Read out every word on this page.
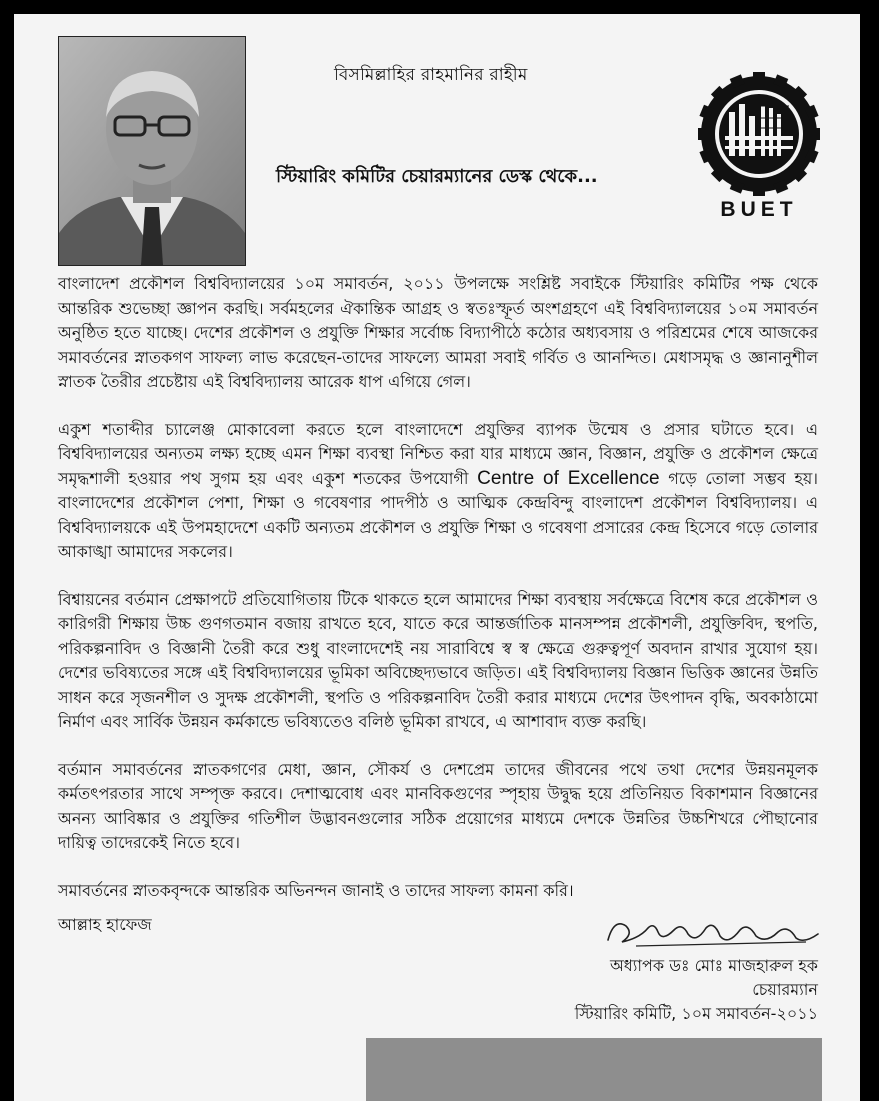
বিসমিল্লাহির রাহমানির রাহীম
স্টিয়ারিং কমিটির চেয়ারম্যানের ডেস্ক থেকে...
BUET

বাংলাদেশ প্রকৌশল বিশ্ববিদ্যালয়ের ১০ম সমাবর্তন, ২০১১ উপলক্ষে সংশ্লিষ্ট সবাইকে স্টিয়ারিং কমিটির পক্ষ থেকে আন্তরিক শুভেচ্ছা জ্ঞাপন করছি। সর্বমহলের ঐকান্তিক আগ্রহ ও স্বতঃস্ফূর্ত অংশগ্রহণে এই বিশ্ববিদ্যালয়ের ১০ম সমাবর্তন অনুষ্ঠিত হতে যাচ্ছে। দেশের প্রকৌশল ও প্রযুক্তি শিক্ষার সর্বোচ্চ বিদ্যাপীঠে কঠোর অধ্যবসায় ও পরিশ্রমের শেষে আজকের সমাবর্তনের স্নাতকগণ সাফল্য লাভ করেছেন-তাদের সাফল্যে আমরা সবাই গর্বিত ও আনন্দিত। মেধাসমৃদ্ধ ও জ্ঞানানুশীল স্নাতক তৈরীর প্রচেষ্টায় এই বিশ্ববিদ্যালয় আরেক ধাপ এগিয়ে গেল।

একুশ শতাব্দীর চ্যালেঞ্জ মোকাবেলা করতে হলে বাংলাদেশে প্রযুক্তির ব্যাপক উন্মেষ ও প্রসার ঘটাতে হবে। এ বিশ্ববিদ্যালয়ের অন্যতম লক্ষ্য হচ্ছে এমন শিক্ষা ব্যবস্থা নিশ্চিত করা যার মাধ্যমে জ্ঞান, বিজ্ঞান, প্রযুক্তি ও প্রকৌশল ক্ষেত্রে সমৃদ্ধশালী হওয়ার পথ সুগম হয় এবং একুশ শতকের উপযোগী Centre of Excellence গড়ে তোলা সম্ভব হয়। বাংলাদেশের প্রকৌশল পেশা, শিক্ষা ও গবেষণার পাদপীঠ ও আত্মিক কেন্দ্রবিন্দু বাংলাদেশ প্রকৌশল বিশ্ববিদ্যালয়। এ বিশ্ববিদ্যালয়কে এই উপমহাদেশে একটি অন্যতম প্রকৌশল ও প্রযুক্তি শিক্ষা ও গবেষণা প্রসারের কেন্দ্র হিসেবে গড়ে তোলার আকাঙ্খা আমাদের সকলের।

বিশ্বায়নের বর্তমান প্রেক্ষাপটে প্রতিযোগিতায় টিকে থাকতে হলে আমাদের শিক্ষা ব্যবস্থায় সর্বক্ষেত্রে বিশেষ করে প্রকৌশল ও কারিগরী শিক্ষায় উচ্চ গুণগতমান বজায় রাখতে হবে, যাতে করে আন্তর্জাতিক মানসম্পন্ন প্রকৌশলী, প্রযুক্তিবিদ, স্থপতি, পরিকল্পনাবিদ ও বিজ্ঞানী তৈরী করে শুধু বাংলাদেশেই নয় সারাবিশ্বে স্ব স্ব ক্ষেত্রে গুরুত্বপূর্ণ অবদান রাখার সুযোগ হয়। দেশের ভবিষ্যতের সঙ্গে এই বিশ্ববিদ্যালয়ের ভূমিকা অবিচ্ছেদ্যভাবে জড়িত। এই বিশ্ববিদ্যালয় বিজ্ঞান ভিত্তিক জ্ঞানের উন্নতি সাধন করে সৃজনশীল ও সুদক্ষ প্রকৌশলী, স্থপতি ও পরিকল্পনাবিদ তৈরী করার মাধ্যমে দেশের উৎপাদন বৃদ্ধি, অবকাঠামো নির্মাণ এবং সার্বিক উন্নয়ন কর্মকান্ডে ভবিষ্যতেও বলিষ্ঠ ভূমিকা রাখবে, এ আশাবাদ ব্যক্ত করছি।

বর্তমান সমাবর্তনের স্নাতকগণের মেধা, জ্ঞান, সৌকর্য ও দেশপ্রেম তাদের জীবনের পথে তথা দেশের উন্নয়নমূলক কর্মতৎপরতার সাথে সম্পৃক্ত করবে। দেশাত্মবোধ এবং মানবিকগুণের স্পৃহায় উদ্বুদ্ধ হয়ে প্রতিনিয়ত বিকাশমান বিজ্ঞানের অনন্য আবিষ্কার ও প্রযুক্তির গতিশীল উদ্ভাবনগুলোর সঠিক প্রয়োগের মাধ্যমে দেশকে উন্নতির উচ্চশিখরে পৌছানোর দায়িত্ব তাদেরকেই নিতে হবে।

সমাবর্তনের স্নাতকবৃন্দকে আন্তরিক অভিনন্দন জানাই ও তাদের সাফল্য কামনা করি।

আল্লাহ হাফেজ

অধ্যাপক ডঃ মোঃ মাজহারুল হক
চেয়ারম্যান
স্টিয়ারিং কমিটি, ১০ম সমাবর্তন-২০১১
